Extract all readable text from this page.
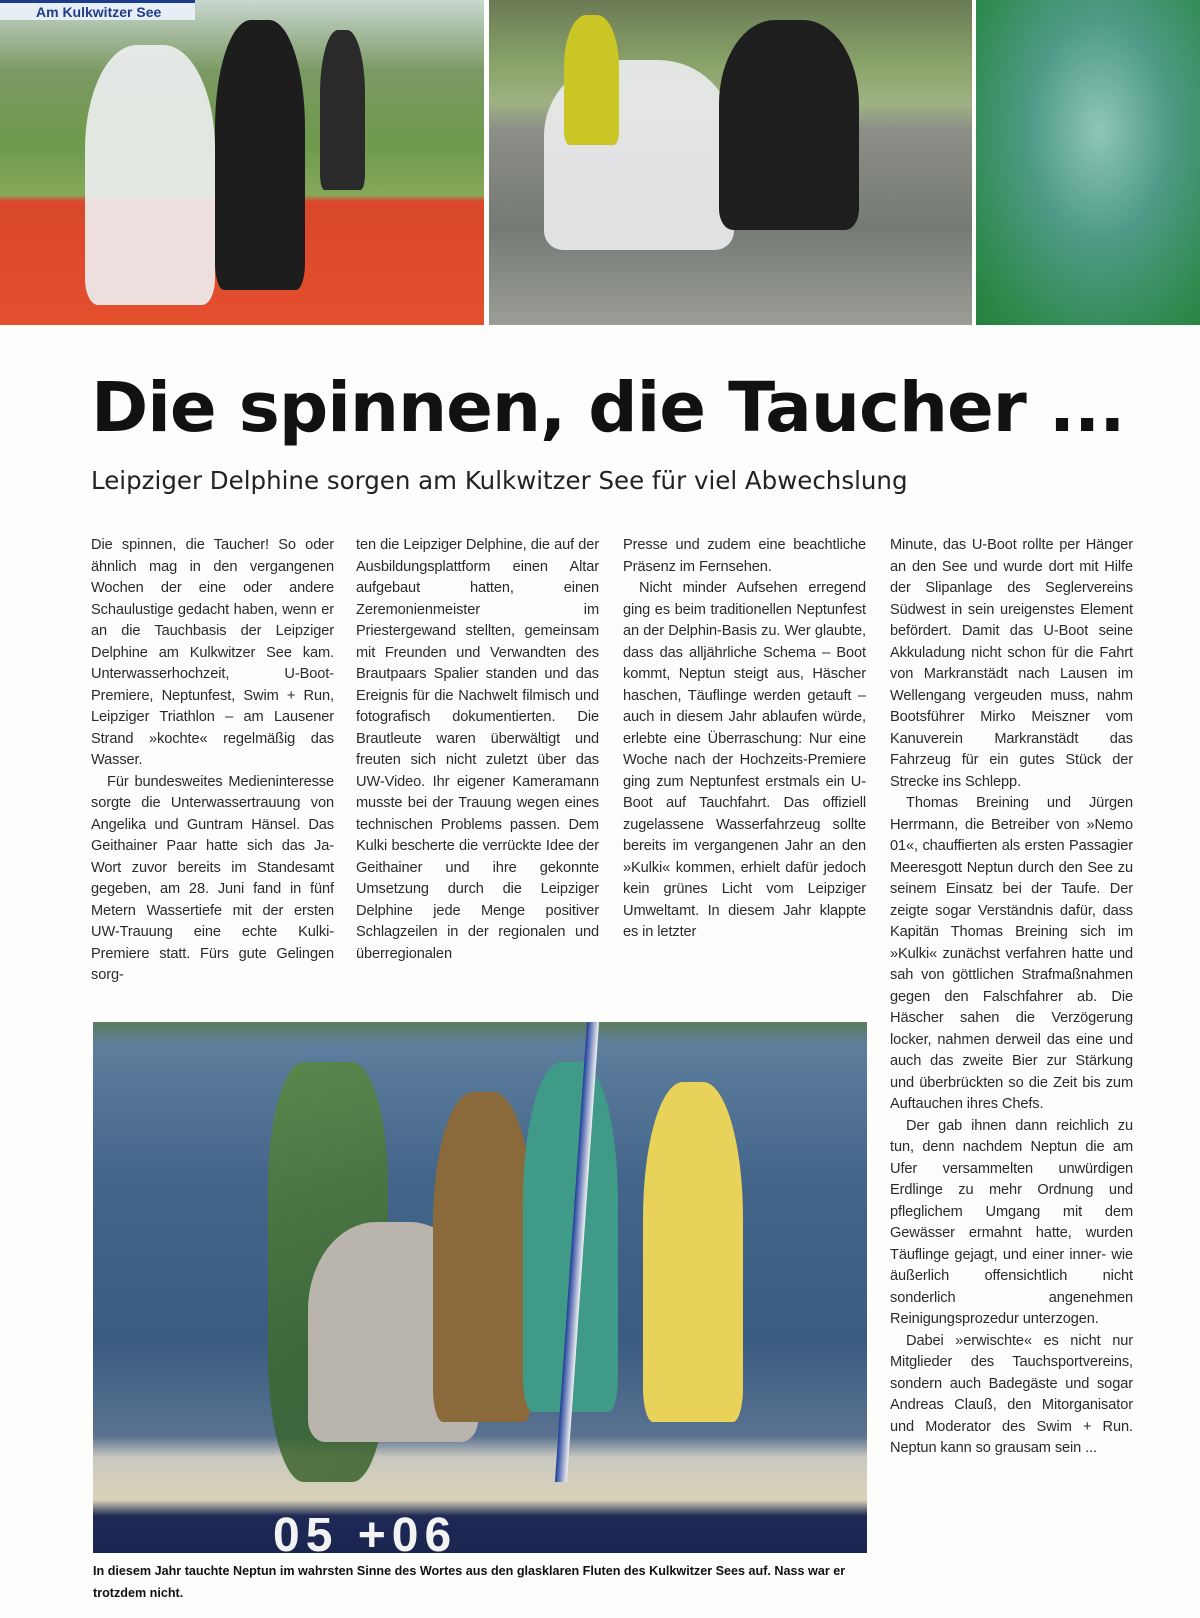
Am Kulkwitzer See
Die spinnen, die Taucher ...
Leipziger Delphine sorgen am Kulkwitzer See für viel Abwechslung

Die spinnen, die Taucher! So oder ähnlich mag in den vergangenen Wochen der eine oder andere Schaulustige gedacht haben, wenn er an die Tauchbasis der Leipziger Delphine am Kulkwitzer See kam. Unterwasserhochzeit, U-Boot-Premiere, Neptunfest, Swim + Run, Leipziger Triathlon – am Lausener Strand »kochte« regelmäßig das Wasser.

Für bundesweites Medieninteresse sorgte die Unterwassertrauung von Angelika und Guntram Hänsel. Das Geithainer Paar hatte sich das Ja-Wort zuvor bereits im Standesamt gegeben, am 28. Juni fand in fünf Metern Wassertiefe mit der ersten UW-Trauung eine echte Kulki-Premiere statt. Fürs gute Gelingen sorg-

ten die Leipziger Delphine, die auf der Ausbildungsplattform einen Altar aufgebaut hatten, einen Zeremonienmeister im Priestergewand stellten, gemeinsam mit Freunden und Verwandten des Brautpaars Spalier standen und das Ereignis für die Nachwelt filmisch und fotografisch dokumentierten. Die Brautleute waren überwältigt und freuten sich nicht zuletzt über das UW-Video. Ihr eigener Kameramann musste bei der Trauung wegen eines technischen Problems passen. Dem Kulki bescherte die verrückte Idee der Geithainer und ihre gekonnte Umsetzung durch die Leipziger Delphine jede Menge positiver Schlagzeilen in der regionalen und überregionalen

Presse und zudem eine beachtliche Präsenz im Fernsehen.

Nicht minder Aufsehen erregend ging es beim traditionellen Neptunfest an der Delphin-Basis zu. Wer glaubte, dass das alljährliche Schema – Boot kommt, Neptun steigt aus, Häscher haschen, Täuflinge werden getauft – auch in diesem Jahr ablaufen würde, erlebte eine Überraschung: Nur eine Woche nach der Hochzeits-Premiere ging zum Neptunfest erstmals ein U-Boot auf Tauchfahrt. Das offiziell zugelassene Wasserfahrzeug sollte bereits im vergangenen Jahr an den »Kulki« kommen, erhielt dafür jedoch kein grünes Licht vom Leipziger Umweltamt. In diesem Jahr klappte es in letzter

Minute, das U-Boot rollte per Hänger an den See und wurde dort mit Hilfe der Slipanlage des Seglervereins Südwest in sein ureigenstes Element befördert. Damit das U-Boot seine Akkuladung nicht schon für die Fahrt von Markranstädt nach Lausen im Wellengang vergeuden muss, nahm Bootsführer Mirko Meiszner vom Kanuverein Markranstädt das Fahrzeug für ein gutes Stück der Strecke ins Schlepp.

Thomas Breining und Jürgen Herrmann, die Betreiber von »Nemo 01«, chauffierten als ersten Passagier Meeresgott Neptun durch den See zu seinem Einsatz bei der Taufe. Der zeigte sogar Verständnis dafür, dass Kapitän Thomas Breining sich im »Kulki« zunächst verfahren hatte und sah von göttlichen Strafmaßnahmen gegen den Falschfahrer ab. Die Häscher sahen die Verzögerung locker, nahmen derweil das eine und auch das zweite Bier zur Stärkung und überbrückten so die Zeit bis zum Auftauchen ihres Chefs.

Der gab ihnen dann reichlich zu tun, denn nachdem Neptun die am Ufer versammelten unwürdigen Erdlinge zu mehr Ordnung und pfleglichem Umgang mit dem Gewässer ermahnt hatte, wurden Täuflinge gejagt, und einer inner- wie äußerlich offensichtlich nicht sonderlich angenehmen Reinigungsprozedur unterzogen.

Dabei »erwischte« es nicht nur Mitglieder des Tauchsportvereins, sondern auch Badegäste und sogar Andreas Clauß, den Mitorganisator und Moderator des Swim + Run. Neptun kann so grausam sein ...

05 +06

In diesem Jahr tauchte Neptun im wahrsten Sinne des Wortes aus den glasklaren Fluten des Kulkwitzer Sees auf. Nass war er trotzdem nicht.
